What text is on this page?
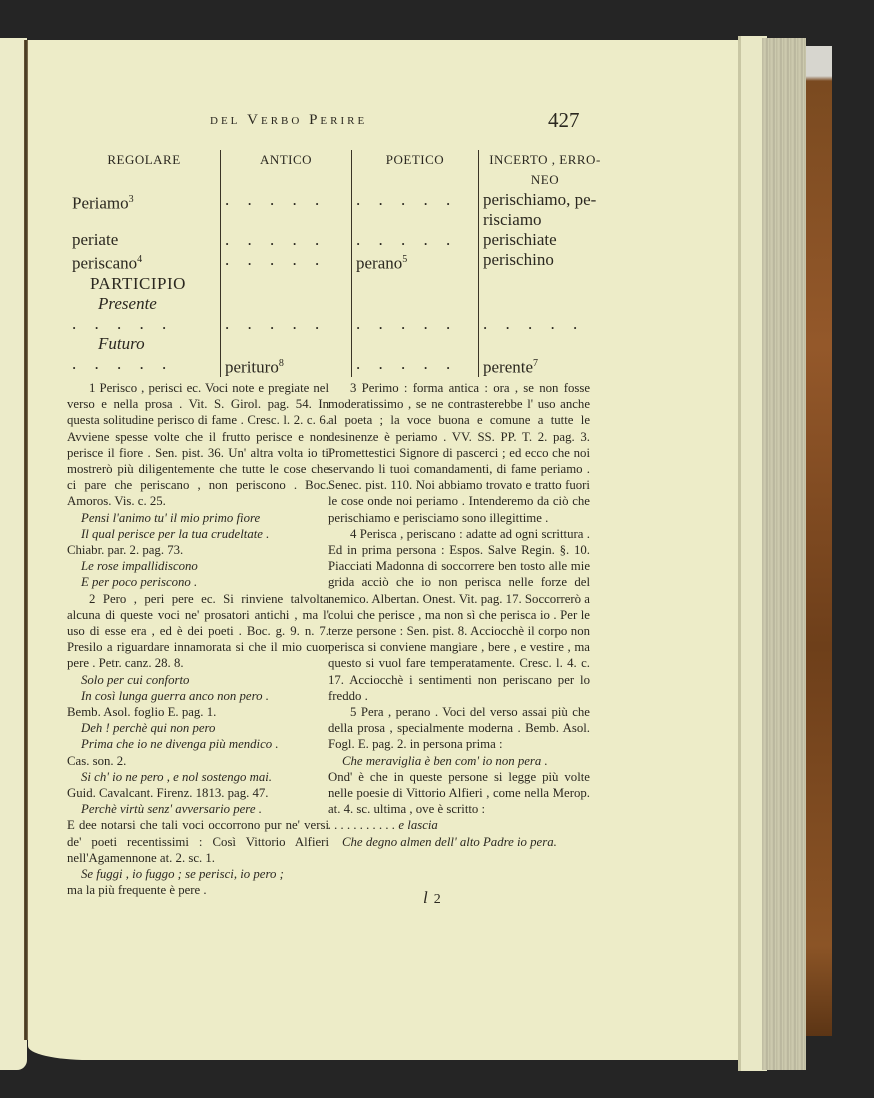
del Verbo Perire	427
REGOLARE	ANTICO	POETICO	INCERTO , ERRO-NEO
Periamo$^3$	. . . . .	. . . . .	perischiamo, pe-risciamo
periate	. . . . .	. . . . .	perischiate
periscano$^4$	. . . . .	perano$^5$	perischino
PARTICIPIO			
Presente			
. . . . .	. . . . .	. . . . .	. . . . .
Futuro			
. . . . .	perituro$^8$	. . . . .	perente$^7$

1 Perisco , perisci ec. Voci note e pregiate nel verso e nella prosa . Vit. S. Girol. pag. 54. In questa solitudine perisco di fame . Cresc. l. 2. c. 6. Avviene spesse volte che il frutto perisce e non perisce il fiore . Sen. pist. 36. Un' altra volta io ti mostrerò più diligentemente che tutte le cose che ci pare che periscano , non periscono . Boc. Amoros. Vis. c. 25.

Pensi l'animo tu' il mio primo fiore

Il qual perisce per la tua crudeltate .

Chiabr. par. 2. pag. 73.

Le rose impallidiscono

E per poco periscono .

2 Pero , peri pere ec. Si rinviene talvolta alcuna di queste voci ne' prosatori antichi , ma l' uso di esse era , ed è dei poeti . Boc. g. 9. n. 7. Presilo a riguardare innamorata si che il mio cuor pere . Petr. canz. 28. 8.

Solo per cui conforto

In così lunga guerra anco non pero .

Bemb. Asol. foglio E. pag. 1.

Deh ! perchè qui non pero

Prima che io ne divenga più mendico .

Cas. son. 2.

Si ch' io ne pero , e nol sostengo mai.

Guid. Cavalcant. Firenz. 1813. pag. 47.

Perchè virtù senz' avversario pere .

E dee notarsi che tali voci occorrono pur ne' versi de' poeti recentissimi : Così Vittorio Alfieri nell'Agamennone at. 2. sc. 1.

Se fuggi , io fuggo ; se perisci, io pero ;

ma la più frequente è pere .

3 Perimo : forma antica : ora , se non fosse moderatissimo , se ne contrasterebbe l' uso anche al poeta ; la voce buona e comune a tutte le desinenze è periamo . VV. SS. PP. T. 2. pag. 3. Promettestici Signore di pascerci ; ed ecco che noi servando li tuoi comandamenti, di fame periamo . Senec. pist. 110. Noi abbiamo trovato e tratto fuori le cose onde noi periamo . Intenderemo da ciò che perischiamo e perisciamo sono illegittime .

4 Perisca , periscano : adatte ad ogni scrittura . Ed in prima persona : Espos. Salve Regin. §. 10. Piacciati Madonna di soccorrere ben tosto alle mie grida acciò che io non perisca nelle forze del nemico. Albertan. Onest. Vit. pag. 17. Soccorrerò a colui che perisce , ma non sì che perisca io . Per le terze persone : Sen. pist. 8. Acciocchè il corpo non perisca si conviene mangiare , bere , e vestire , ma questo si vuol fare temperatamente. Cresc. l. 4. c. 17. Acciocchè i sentimenti non periscano per lo freddo .

5 Pera , perano . Voci del verso assai più che della prosa , specialmente moderna . Bemb. Asol. Fogl. E. pag. 2. in persona prima :

Che meraviglia è ben com' io non pera .

Ond' è che in queste persone si legge più volte nelle poesie di Vittorio Alfieri , come nella Merop. at. 4. sc. ultima , ove è scritto :

. . . . . . . . . . . e lascia

Che degno almen dell' alto Padre io pera.

l 2
